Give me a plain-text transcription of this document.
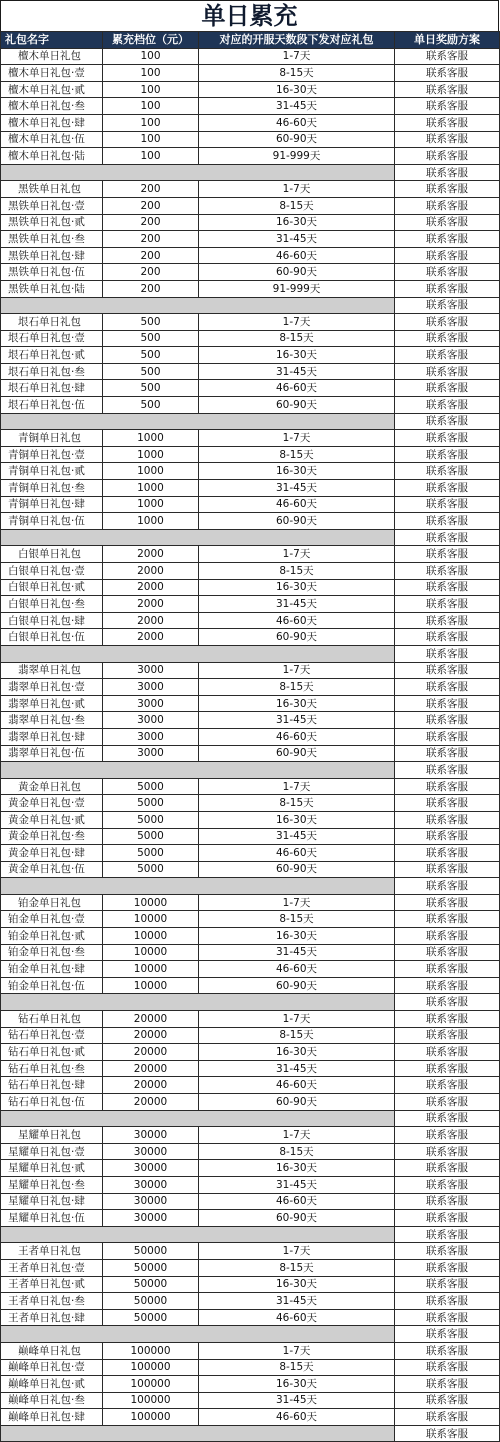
单日累充
礼包名字	累充档位（元）	对应的开服天数段下发对应礼包	单日奖励方案
檀木单日礼包	100	1-7天	联系客服
檀木单日礼包·壹	100	8-15天	联系客服
檀木单日礼包·贰	100	16-30天	联系客服
檀木单日礼包·叁	100	31-45天	联系客服
檀木单日礼包·肆	100	46-60天	联系客服
檀木单日礼包·伍	100	60-90天	联系客服
檀木单日礼包·陆	100	91-999天	联系客服
			联系客服
黑铁单日礼包	200	1-7天	联系客服
黑铁单日礼包·壹	200	8-15天	联系客服
黑铁单日礼包·贰	200	16-30天	联系客服
黑铁单日礼包·叁	200	31-45天	联系客服
黑铁单日礼包·肆	200	46-60天	联系客服
黑铁单日礼包·伍	200	60-90天	联系客服
黑铁单日礼包·陆	200	91-999天	联系客服
			联系客服
垠石单日礼包	500	1-7天	联系客服
垠石单日礼包·壹	500	8-15天	联系客服
垠石单日礼包·贰	500	16-30天	联系客服
垠石单日礼包·叁	500	31-45天	联系客服
垠石单日礼包·肆	500	46-60天	联系客服
垠石单日礼包·伍	500	60-90天	联系客服
			联系客服
青铜单日礼包	1000	1-7天	联系客服
青铜单日礼包·壹	1000	8-15天	联系客服
青铜单日礼包·贰	1000	16-30天	联系客服
青铜单日礼包·叁	1000	31-45天	联系客服
青铜单日礼包·肆	1000	46-60天	联系客服
青铜单日礼包·伍	1000	60-90天	联系客服
			联系客服
白银单日礼包	2000	1-7天	联系客服
白银单日礼包·壹	2000	8-15天	联系客服
白银单日礼包·贰	2000	16-30天	联系客服
白银单日礼包·叁	2000	31-45天	联系客服
白银单日礼包·肆	2000	46-60天	联系客服
白银单日礼包·伍	2000	60-90天	联系客服
			联系客服
翡翠单日礼包	3000	1-7天	联系客服
翡翠单日礼包·壹	3000	8-15天	联系客服
翡翠单日礼包·贰	3000	16-30天	联系客服
翡翠单日礼包·叁	3000	31-45天	联系客服
翡翠单日礼包·肆	3000	46-60天	联系客服
翡翠单日礼包·伍	3000	60-90天	联系客服
			联系客服
黄金单日礼包	5000	1-7天	联系客服
黄金单日礼包·壹	5000	8-15天	联系客服
黄金单日礼包·贰	5000	16-30天	联系客服
黄金单日礼包·叁	5000	31-45天	联系客服
黄金单日礼包·肆	5000	46-60天	联系客服
黄金单日礼包·伍	5000	60-90天	联系客服
			联系客服
铂金单日礼包	10000	1-7天	联系客服
铂金单日礼包·壹	10000	8-15天	联系客服
铂金单日礼包·贰	10000	16-30天	联系客服
铂金单日礼包·叁	10000	31-45天	联系客服
铂金单日礼包·肆	10000	46-60天	联系客服
铂金单日礼包·伍	10000	60-90天	联系客服
			联系客服
钻石单日礼包	20000	1-7天	联系客服
钻石单日礼包·壹	20000	8-15天	联系客服
钻石单日礼包·贰	20000	16-30天	联系客服
钻石单日礼包·叁	20000	31-45天	联系客服
钻石单日礼包·肆	20000	46-60天	联系客服
钻石单日礼包·伍	20000	60-90天	联系客服
			联系客服
星耀单日礼包	30000	1-7天	联系客服
星耀单日礼包·壹	30000	8-15天	联系客服
星耀单日礼包·贰	30000	16-30天	联系客服
星耀单日礼包·叁	30000	31-45天	联系客服
星耀单日礼包·肆	30000	46-60天	联系客服
星耀单日礼包·伍	30000	60-90天	联系客服
			联系客服
王者单日礼包	50000	1-7天	联系客服
王者单日礼包·壹	50000	8-15天	联系客服
王者单日礼包·贰	50000	16-30天	联系客服
王者单日礼包·叁	50000	31-45天	联系客服
王者单日礼包·肆	50000	46-60天	联系客服
			联系客服
巅峰单日礼包	100000	1-7天	联系客服
巅峰单日礼包·壹	100000	8-15天	联系客服
巅峰单日礼包·贰	100000	16-30天	联系客服
巅峰单日礼包·叁	100000	31-45天	联系客服
巅峰单日礼包·肆	100000	46-60天	联系客服
			联系客服
